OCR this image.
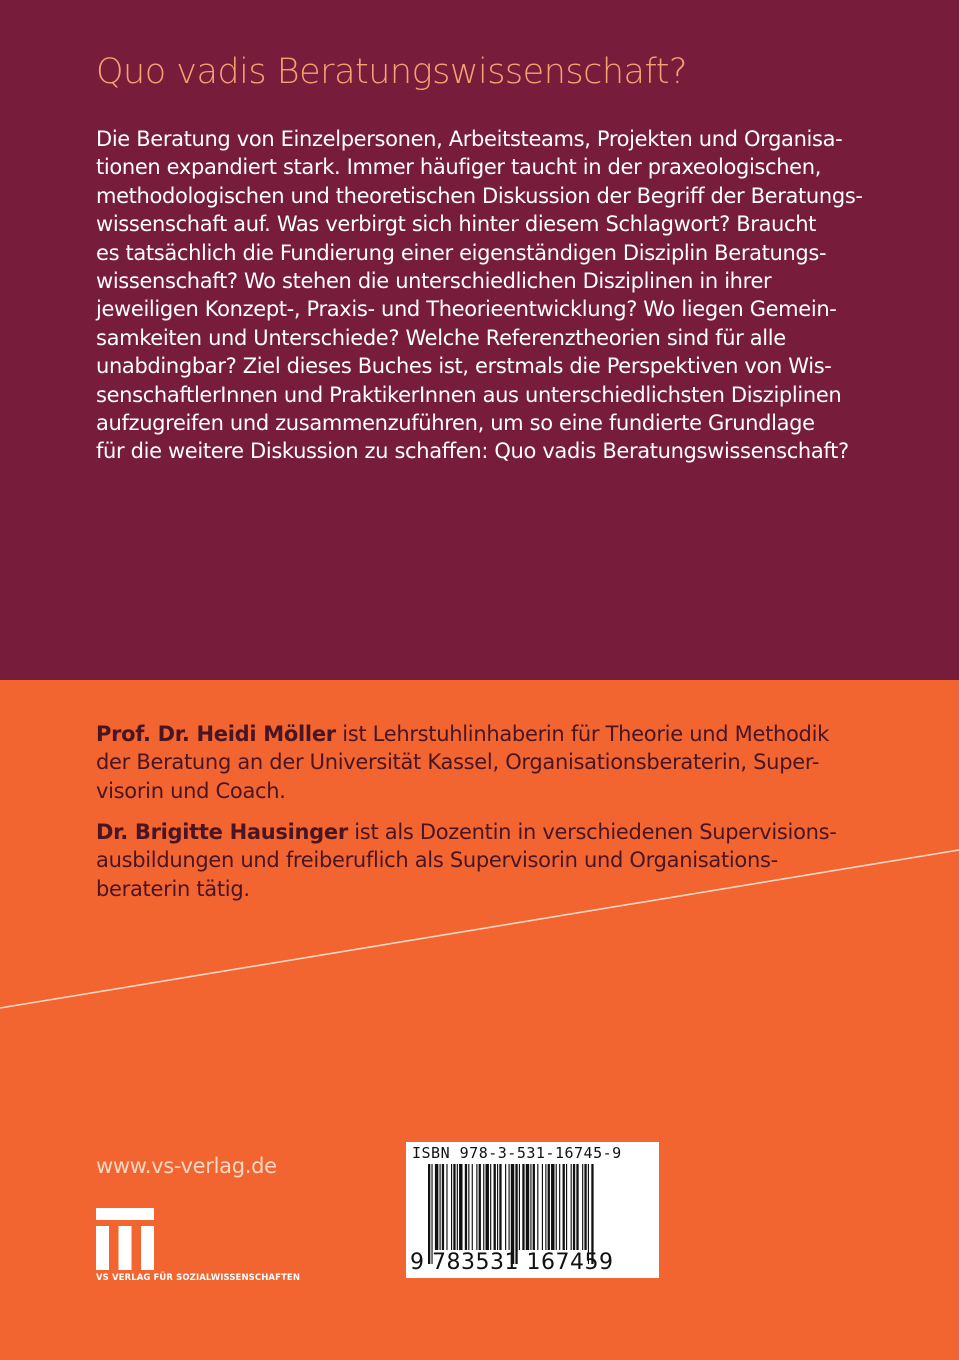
Quo vadis Beratungswissenschaft?
Die Beratung von Einzelpersonen, Arbeitsteams, Projekten und Organisa-
tionen expandiert stark. Immer häufiger taucht in der praxeologischen,
methodologischen und theoretischen Diskussion der Begriff der Beratungs-
wissenschaft auf. Was verbirgt sich hinter diesem Schlagwort? Braucht
es tatsächlich die Fundierung einer eigenständigen Disziplin Beratungs-
wissenschaft? Wo stehen die unterschiedlichen Disziplinen in ihrer
jeweiligen Konzept-, Praxis- und Theorieentwicklung? Wo liegen Gemein-
samkeiten und Unterschiede? Welche Referenztheorien sind für alle
unabdingbar? Ziel dieses Buches ist, erstmals die Perspektiven von Wis-
senschaftlerInnen und PraktikerInnen aus unterschiedlichsten Disziplinen
aufzugreifen und zusammenzuführen, um so eine fundierte Grundlage
für die weitere Diskussion zu schaffen: Quo vadis Beratungswissenschaft?
Prof. Dr. Heidi Möller ist Lehrstuhlinhaberin für Theorie und Methodik
der Beratung an der Universität Kassel, Organisationsberaterin, Super-
visorin und Coach.
Dr. Brigitte Hausinger ist als Dozentin in verschiedenen Supervisions-
ausbildungen und freiberuflich als Supervisorin und Organisations-
beraterin tätig.
www.vs-verlag.de
VS VERLAG FÜR SOZIALWISSENSCHAFTEN
ISBN 978-3-531-16745-9
9 783531 167459
